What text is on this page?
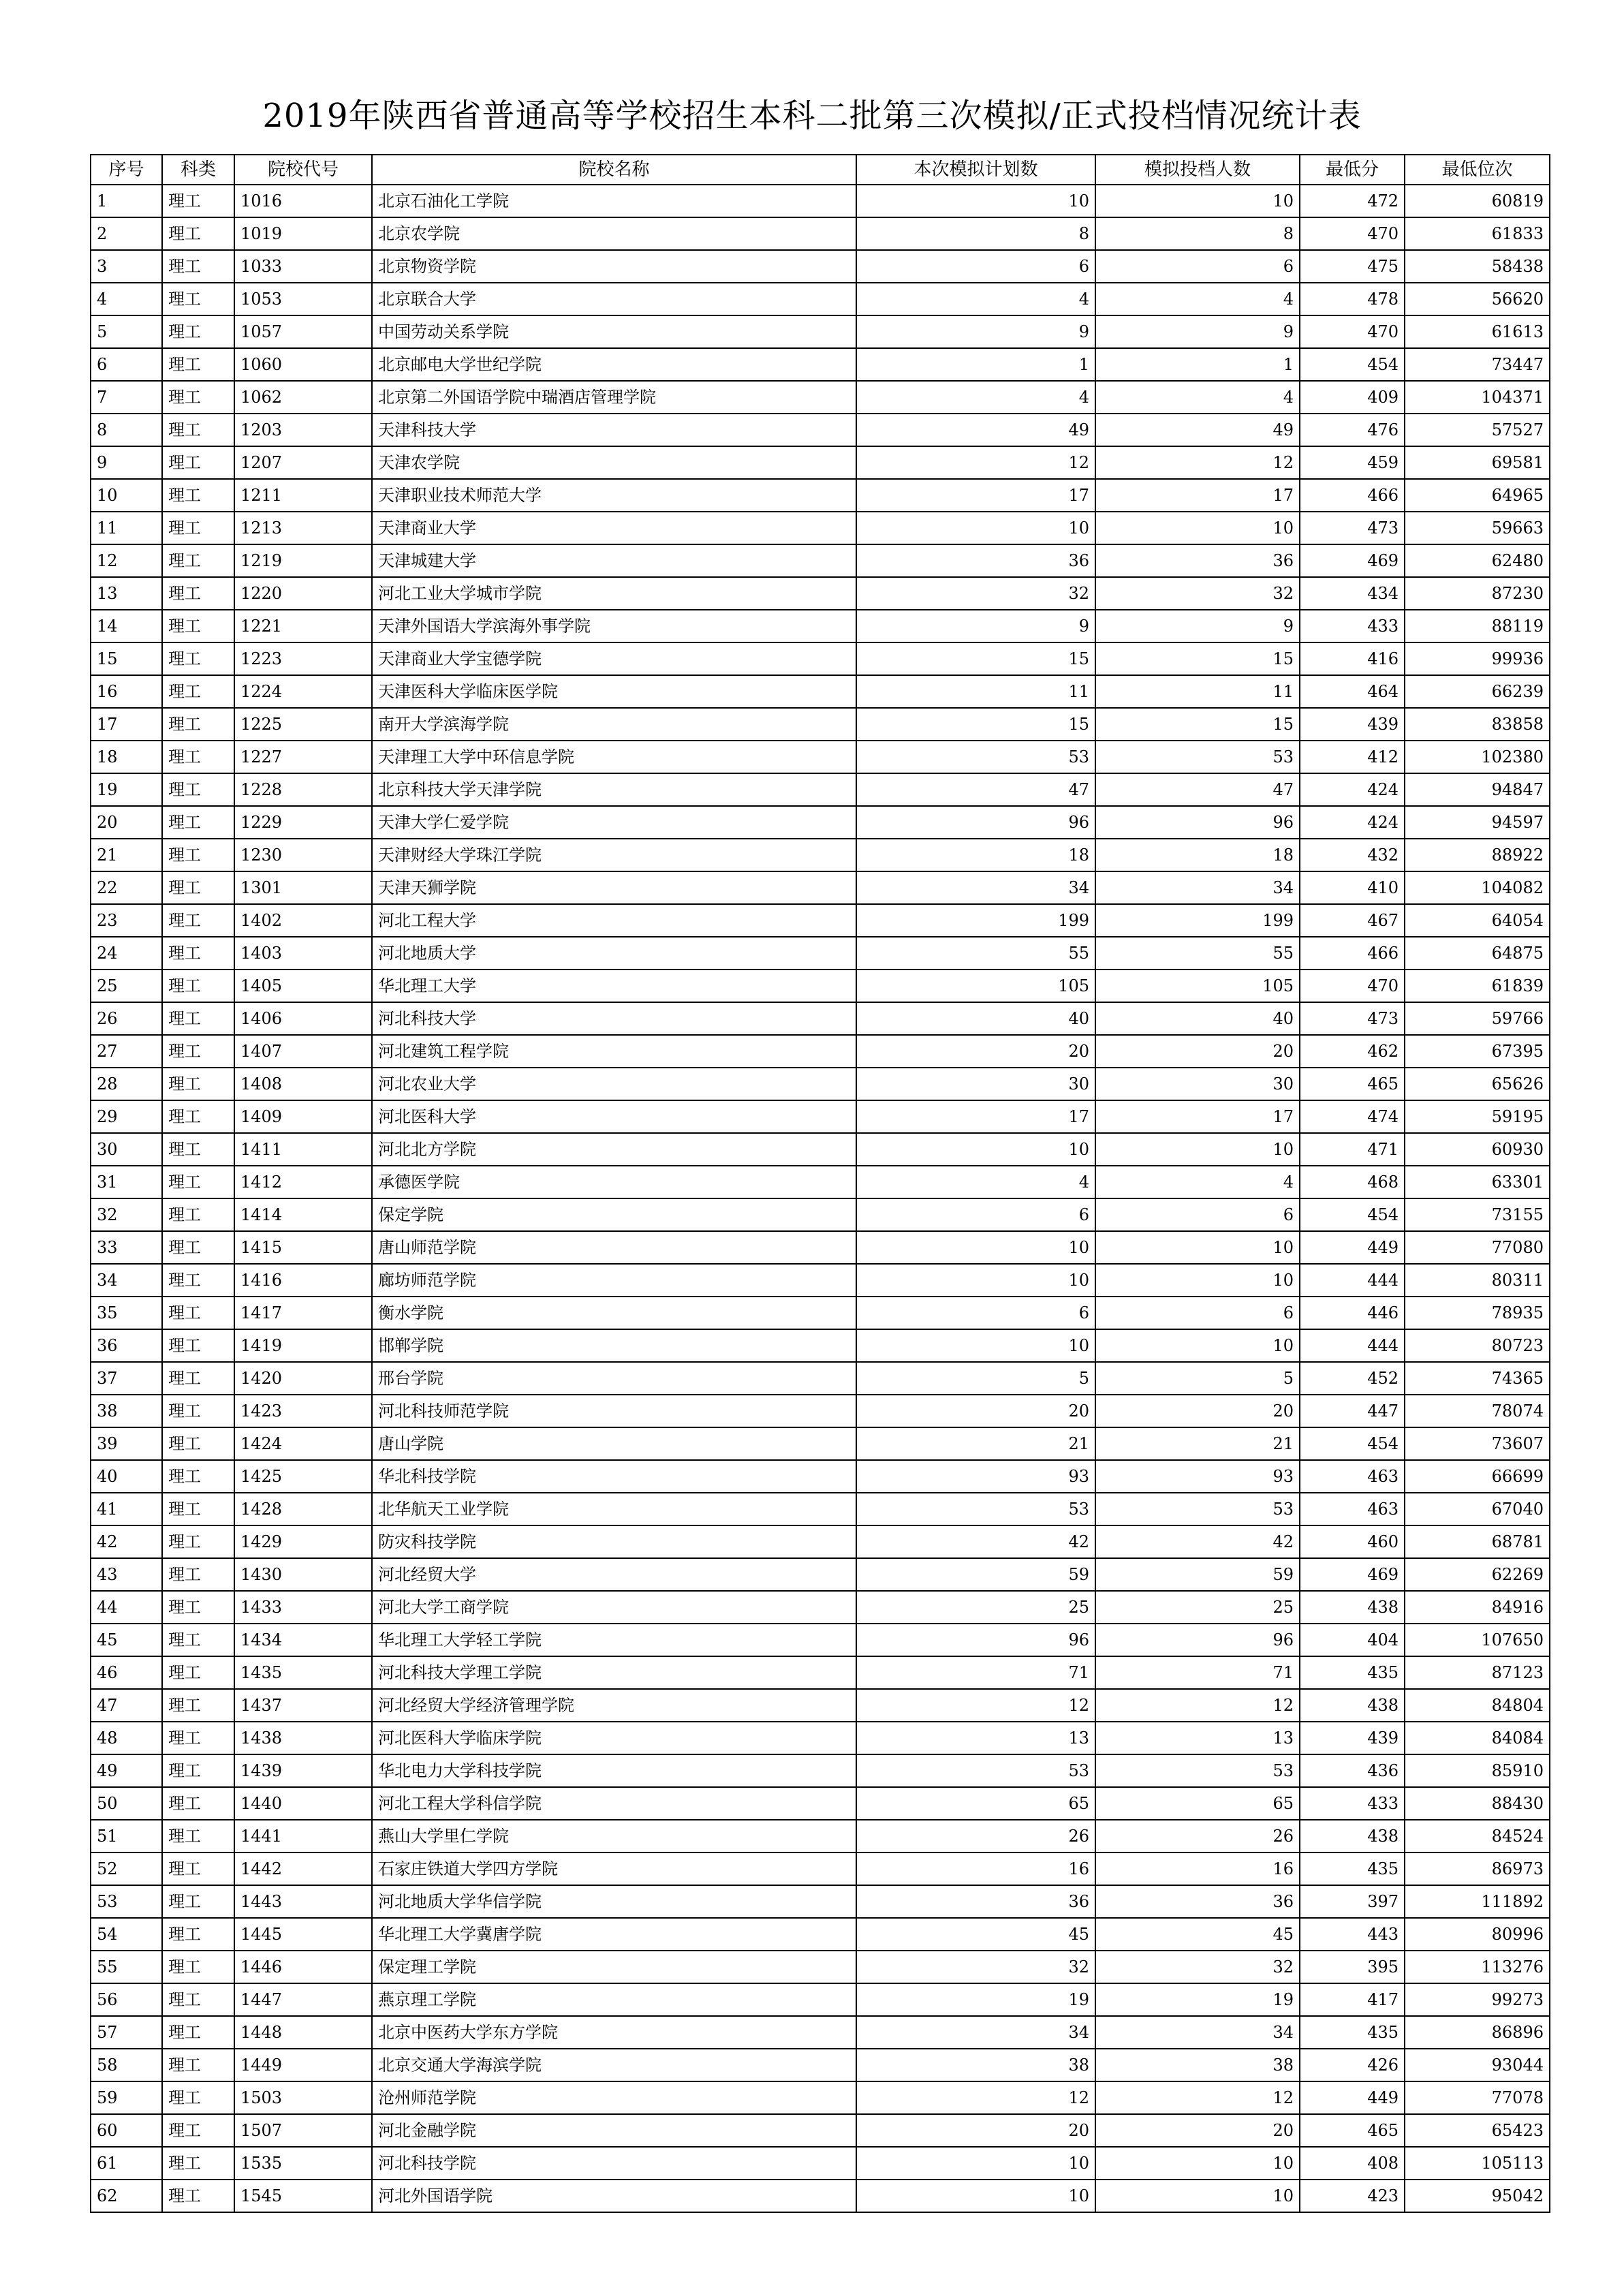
2019年陕西省普通高等学校招生本科二批第三次模拟/正式投档情况统计表
序号	科类	院校代号	院校名称	本次模拟计划数	模拟投档人数	最低分	最低位次
1	理工	1016	北京石油化工学院	10	10	472	60819
2	理工	1019	北京农学院	8	8	470	61833
3	理工	1033	北京物资学院	6	6	475	58438
4	理工	1053	北京联合大学	4	4	478	56620
5	理工	1057	中国劳动关系学院	9	9	470	61613
6	理工	1060	北京邮电大学世纪学院	1	1	454	73447
7	理工	1062	北京第二外国语学院中瑞酒店管理学院	4	4	409	104371
8	理工	1203	天津科技大学	49	49	476	57527
9	理工	1207	天津农学院	12	12	459	69581
10	理工	1211	天津职业技术师范大学	17	17	466	64965
11	理工	1213	天津商业大学	10	10	473	59663
12	理工	1219	天津城建大学	36	36	469	62480
13	理工	1220	河北工业大学城市学院	32	32	434	87230
14	理工	1221	天津外国语大学滨海外事学院	9	9	433	88119
15	理工	1223	天津商业大学宝德学院	15	15	416	99936
16	理工	1224	天津医科大学临床医学院	11	11	464	66239
17	理工	1225	南开大学滨海学院	15	15	439	83858
18	理工	1227	天津理工大学中环信息学院	53	53	412	102380
19	理工	1228	北京科技大学天津学院	47	47	424	94847
20	理工	1229	天津大学仁爱学院	96	96	424	94597
21	理工	1230	天津财经大学珠江学院	18	18	432	88922
22	理工	1301	天津天狮学院	34	34	410	104082
23	理工	1402	河北工程大学	199	199	467	64054
24	理工	1403	河北地质大学	55	55	466	64875
25	理工	1405	华北理工大学	105	105	470	61839
26	理工	1406	河北科技大学	40	40	473	59766
27	理工	1407	河北建筑工程学院	20	20	462	67395
28	理工	1408	河北农业大学	30	30	465	65626
29	理工	1409	河北医科大学	17	17	474	59195
30	理工	1411	河北北方学院	10	10	471	60930
31	理工	1412	承德医学院	4	4	468	63301
32	理工	1414	保定学院	6	6	454	73155
33	理工	1415	唐山师范学院	10	10	449	77080
34	理工	1416	廊坊师范学院	10	10	444	80311
35	理工	1417	衡水学院	6	6	446	78935
36	理工	1419	邯郸学院	10	10	444	80723
37	理工	1420	邢台学院	5	5	452	74365
38	理工	1423	河北科技师范学院	20	20	447	78074
39	理工	1424	唐山学院	21	21	454	73607
40	理工	1425	华北科技学院	93	93	463	66699
41	理工	1428	北华航天工业学院	53	53	463	67040
42	理工	1429	防灾科技学院	42	42	460	68781
43	理工	1430	河北经贸大学	59	59	469	62269
44	理工	1433	河北大学工商学院	25	25	438	84916
45	理工	1434	华北理工大学轻工学院	96	96	404	107650
46	理工	1435	河北科技大学理工学院	71	71	435	87123
47	理工	1437	河北经贸大学经济管理学院	12	12	438	84804
48	理工	1438	河北医科大学临床学院	13	13	439	84084
49	理工	1439	华北电力大学科技学院	53	53	436	85910
50	理工	1440	河北工程大学科信学院	65	65	433	88430
51	理工	1441	燕山大学里仁学院	26	26	438	84524
52	理工	1442	石家庄铁道大学四方学院	16	16	435	86973
53	理工	1443	河北地质大学华信学院	36	36	397	111892
54	理工	1445	华北理工大学冀唐学院	45	45	443	80996
55	理工	1446	保定理工学院	32	32	395	113276
56	理工	1447	燕京理工学院	19	19	417	99273
57	理工	1448	北京中医药大学东方学院	34	34	435	86896
58	理工	1449	北京交通大学海滨学院	38	38	426	93044
59	理工	1503	沧州师范学院	12	12	449	77078
60	理工	1507	河北金融学院	20	20	465	65423
61	理工	1535	河北科技学院	10	10	408	105113
62	理工	1545	河北外国语学院	10	10	423	95042
